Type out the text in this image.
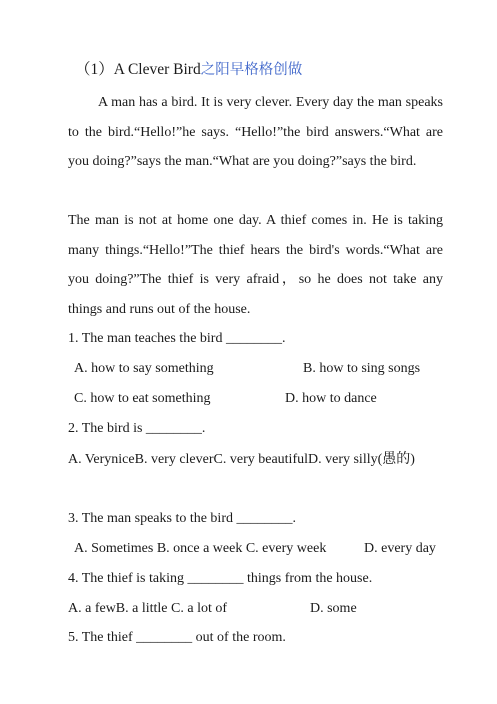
（1）A Clever Bird之阳早格格创做
A man has a bird. It is very clever. Every day the man speaks to the bird.“Hello!”he says. “Hello!”the bird answers.“What are you doing?”says the man.“What are you doing?”says the bird.
The man is not at home one day. A thief comes in. He is taking many things.“Hello!”The thief hears the bird's words.“What are you doing?”The thief is very afraid，so he does not take any things and runs out of the house.
1. The man teaches the bird ________.
A. how to say something	B. how to sing songs
C. how to eat something	D. how to dance
2. The bird is ________.
A. VeryniceB. very cleverC. very beautifulD. very silly(愚的)
3. The man speaks to the bird ________.
A. Sometimes B. once a week C. every week	D. every day
4. The thief is taking ________ things from the house.
A. a fewB. a little C. a lot of	D. some
5. The thief ________ out of the room.
